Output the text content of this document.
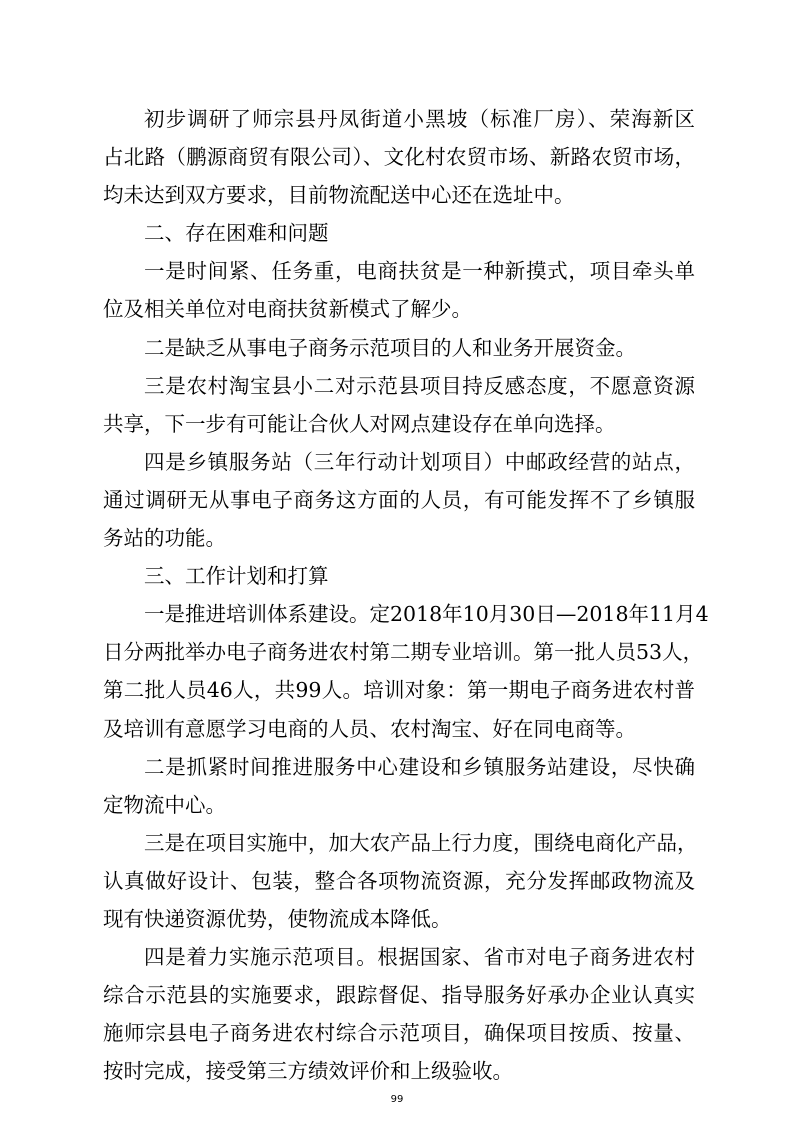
初步调研了师宗县丹凤街道小黑坡（标准厂房）、荣海新区
占北路（鹏源商贸有限公司）、文化村农贸市场、新路农贸市场，
均未达到双方要求，目前物流配送中心还在选址中。
二、存在困难和问题
一是时间紧、任务重，电商扶贫是一种新摸式，项目牵头单
位及相关单位对电商扶贫新模式了解少。
二是缺乏从事电子商务示范项目的人和业务开展资金。
三是农村淘宝县小二对示范县项目持反感态度，不愿意资源
共享，下一步有可能让合伙人对网点建设存在单向选择。
四是乡镇服务站（三年行动计划项目）中邮政经营的站点，
通过调研无从事电子商务这方面的人员，有可能发挥不了乡镇服
务站的功能。
三、工作计划和打算
一是推进培训体系建设。定2018年10月30日—2018年11月4
日分两批举办电子商务进农村第二期专业培训。第一批人员53人，
第二批人员46人，共99人。培训对象：第一期电子商务进农村普
及培训有意愿学习电商的人员、农村淘宝、好在同电商等。
二是抓紧时间推进服务中心建设和乡镇服务站建设，尽快确
定物流中心。
三是在项目实施中，加大农产品上行力度，围绕电商化产品，
认真做好设计、包装，整合各项物流资源，充分发挥邮政物流及
现有快递资源优势，使物流成本降低。
四是着力实施示范项目。根据国家、省市对电子商务进农村
综合示范县的实施要求，跟踪督促、指导服务好承办企业认真实
施师宗县电子商务进农村综合示范项目，确保项目按质、按量、
按时完成，接受第三方绩效评价和上级验收。
99
